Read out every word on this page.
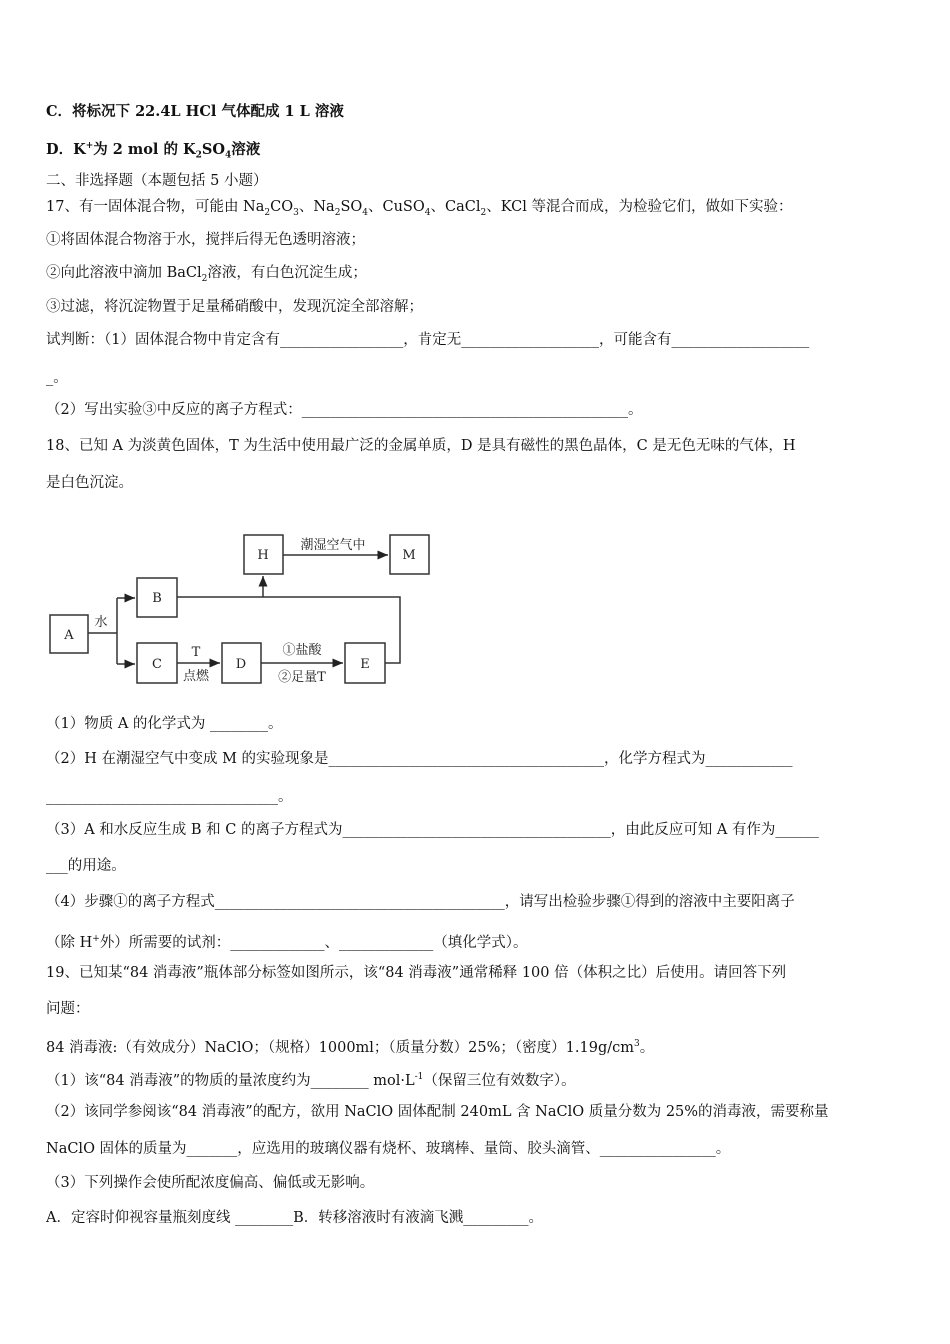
C．将标况下 22.4L HCl 气体配成 1 L 溶液
D．K+为 2 mol 的 $K_2SO_4$溶液
二、非选择题（本题包括 5 小题）
17、有一固体混合物，可能由 $Na_2CO_3$、$Na_2SO_4$、CuSO$_4$、CaCl$_2$、KCl 等混合而成，为检验它们，做如下实验：
①将固体混合物溶于水，搅拌后得无色透明溶液；
②向此溶液中滴加 BaCl$_2$溶液，有白色沉淀生成；
③过滤，将沉淀物置于足量稀硝酸中，发现沉淀全部溶解；
试判断：（1）固体混合物中肯定含有_________________，肯定无___________________，可能含有___________________
_。
（2）写出实验③中反应的离子方程式：_____________________________________________。
18、已知 A 为淡黄色固体，T 为生活中使用最广泛的金属单质，D 是具有磁性的黑色晶体，C 是无色无味的气体，H
是白色沉淀。
（1）物质 A 的化学式为 ________。
（2）H 在潮湿空气中变成 M 的实验现象是______________________________________，化学方程式为____________
________________________________。
（3）A 和水反应生成 B 和 C 的离子方程式为_____________________________________，由此反应可知 A 有作为______
___的用途。
（4）步骤①的离子方程式________________________________________，请写出检验步骤①得到的溶液中主要阳离子
（除 H+外）所需要的试剂：_____________、_____________（填化学式）。
19、已知某“84 消毒液”瓶体部分标签如图所示，该“84 消毒液”通常稀释 100 倍（体积之比）后使用。请回答下列
问题：
84 消毒液:（有效成分）NaClO；（规格）1000ml；（质量分数）25%；（密度）$1.19g/cm^3$。
（1）该“84 消毒液”的物质的量浓度约为________ $mol\cdot L^{-1}$（保留三位有效数字）。
（2）该同学参阅该“84 消毒液”的配方，欲用 NaClO 固体配制 240mL 含 NaClO 质量分数为 25%的消毒液，需要称量
NaClO 固体的质量为_______，应选用的玻璃仪器有烧杯、玻璃棒、量筒、胶头滴管、________________。
（3）下列操作会使所配浓度偏高、偏低或无影响。
A．定容时仰视容量瓶刻度线 ________B．转移溶液时有液滴飞溅_________。
A
B
H	M
C	D	E
水
潮湿空气中
T
点燃
①盐酸
②足量T
